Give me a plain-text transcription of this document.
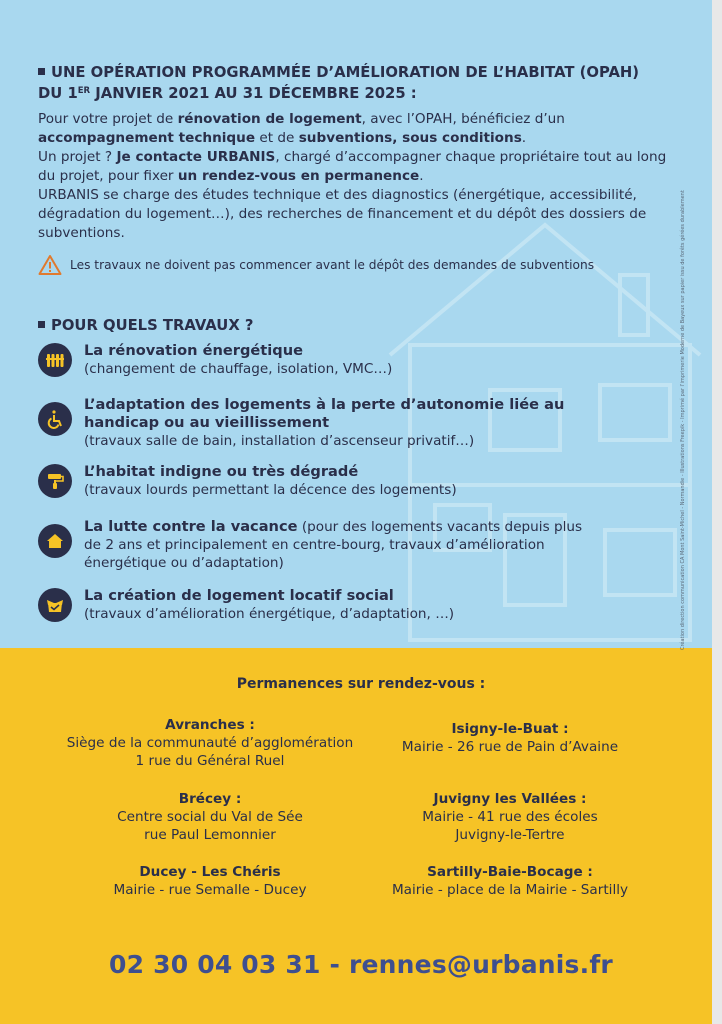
Création direction communication CA Mont Saint-Michel - Normandie - Illustrations Freepik - Imprimé par l’imprimerie Moderne de Bayeux sur papier issu de forêts gérées durablement
UNE OPÉRATION PROGRAMMÉE D’AMÉLIORATION DE L’HABITAT (OPAH)
DU 1ER JANVIER 2021 AU 31 DÉCEMBRE 2025 :

Pour votre projet de rénovation de logement, avec l’OPAH, bénéficiez d’un accompagnement technique et de subventions, sous conditions.

Un projet ? Je contacte URBANIS, chargé d’accompagner chaque propriétaire tout au long du projet, pour fixer un rendez-vous en permanence.

URBANIS se charge des études technique et des diagnostics (énergétique, accessibilité, dégradation du logement…), des recherches de financement et du dépôt des dossiers de subventions.

Les travaux ne doivent pas commencer avant le dépôt des demandes de subventions
POUR QUELS TRAVAUX ?
La rénovation énergétique
(changement de chauffage, isolation, VMC…)
L’adaptation des logements à la perte d’autonomie liée au handicap ou au vieillissement
(travaux salle de bain, installation d’ascenseur privatif…)
L’habitat indigne ou très dégradé
(travaux lourds permettant la décence des logements)
La lutte contre la vacance (pour des logements vacants depuis plus de 2 ans et principalement en centre-bourg, travaux d’amélioration énergétique ou d’adaptation)
La création de logement locatif social
(travaux d’amélioration énergétique, d’adaptation, …)
Permanences sur rendez-vous :
Avranches :
Siège de la communauté d’agglomération
1 rue du Général Ruel
Isigny-le-Buat :
Mairie - 26 rue de Pain d’Avaine
Brécey :
Centre social du Val de Sée
rue Paul Lemonnier
Juvigny les Vallées :
Mairie - 41 rue des écoles
Juvigny-le-Tertre
Ducey - Les Chéris
Mairie - rue Semalle - Ducey
Sartilly-Baie-Bocage :
Mairie - place de la Mairie - Sartilly
02 30 04 03 31 - rennes@urbanis.fr
